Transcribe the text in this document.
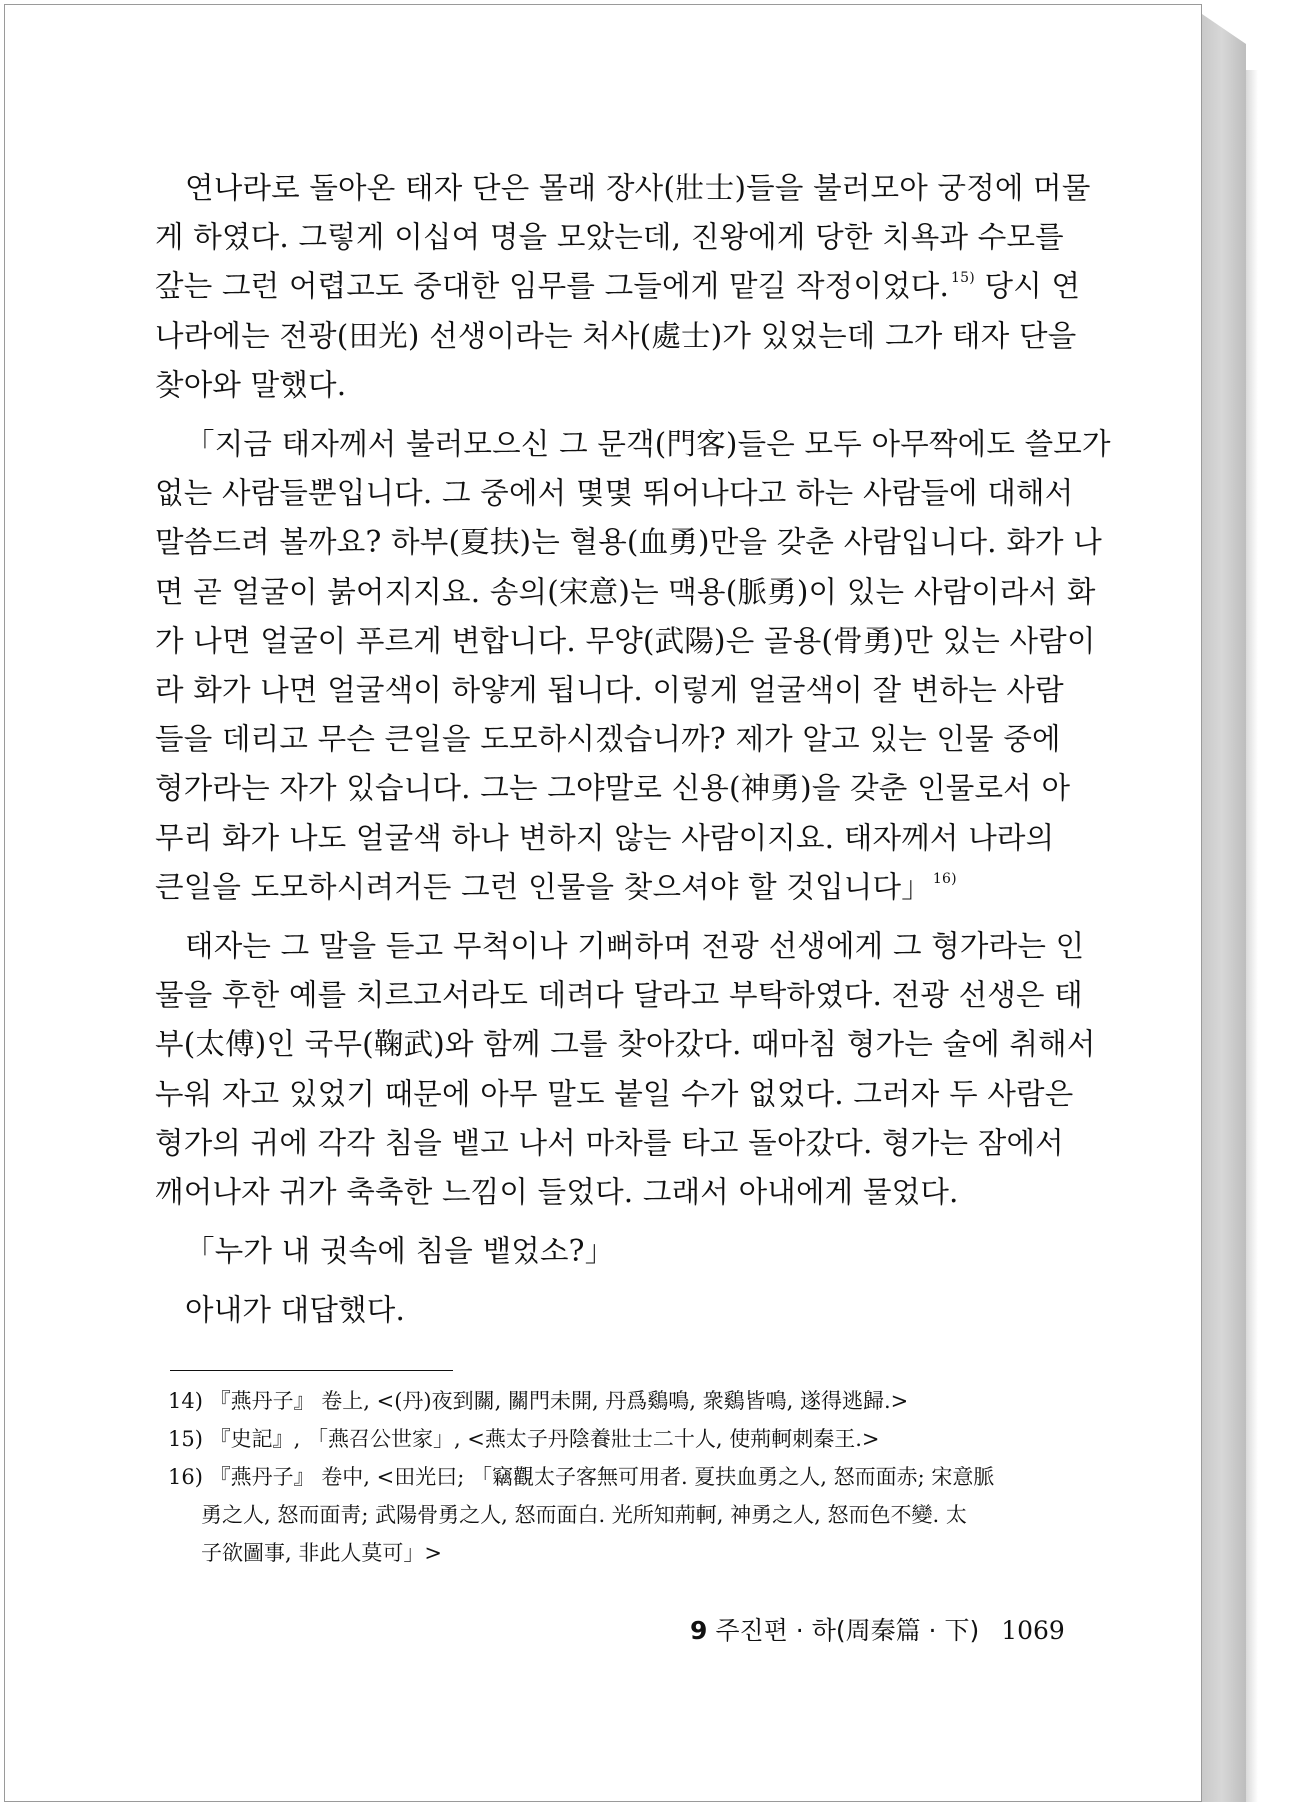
연나라로 돌아온 태자 단은 몰래 장사(壯士)들을 불러모아 궁정에 머물
게 하였다. 그렇게 이십여 명을 모았는데, 진왕에게 당한 치욕과 수모를
갚는 그런 어렵고도 중대한 임무를 그들에게 맡길 작정이었다. $^{15)}$ 당시 연
나라에는 전광(田光) 선생이라는 처사(處士)가 있었는데 그가 태자 단을
찾아와 말했다.
「지금 태자께서 불러모으신 그 문객(門客)들은 모두 아무짝에도 쓸모가
없는 사람들뿐입니다. 그 중에서 몇몇 뛰어나다고 하는 사람들에 대해서
말씀드려 볼까요? 하부(夏扶)는 혈용(血勇)만을 갖춘 사람입니다. 화가 나
면 곧 얼굴이 붉어지지요. 송의(宋意)는 맥용(脈勇)이 있는 사람이라서 화
가 나면 얼굴이 푸르게 변합니다. 무양(武陽)은 골용(骨勇)만 있는 사람이
라 화가 나면 얼굴색이 하얗게 됩니다. 이렇게 얼굴색이 잘 변하는 사람
들을 데리고 무슨 큰일을 도모하시겠습니까? 제가 알고 있는 인물 중에
형가라는 자가 있습니다. 그는 그야말로 신용(神勇)을 갖춘 인물로서 아
무리 화가 나도 얼굴색 하나 변하지 않는 사람이지요. 태자께서 나라의
큰일을 도모하시려거든 그런 인물을 찾으셔야 할 것입니다」 $^{16)}$
태자는 그 말을 듣고 무척이나 기뻐하며 전광 선생에게 그 형가라는 인
물을 후한 예를 치르고서라도 데려다 달라고 부탁하였다. 전광 선생은 태
부(太傅)인 국무(鞠武)와 함께 그를 찾아갔다. 때마침 형가는 술에 취해서
누워 자고 있었기 때문에 아무 말도 붙일 수가 없었다. 그러자 두 사람은
형가의 귀에 각각 침을 뱉고 나서 마차를 타고 돌아갔다. 형가는 잠에서
깨어나자 귀가 축축한 느낌이 들었다. 그래서 아내에게 물었다.
「누가 내 귓속에 침을 뱉었소?」
아내가 대답했다.
14) 『燕丹子』 卷上, <(丹)夜到關, 關門未開, 丹爲鷄鳴, 衆鷄皆鳴, 遂得逃歸.>
15) 『史記』, 「燕召公世家」, <燕太子丹陰養壯士二十人, 使荊軻刺秦王.>
16) 『燕丹子』 卷中, <田光曰; 「竊觀太子客無可用者. 夏扶血勇之人, 怒而面赤; 宋意脈
勇之人, 怒而面靑; 武陽骨勇之人, 怒而面白. 光所知荊軻, 神勇之人, 怒而色不變. 太
子欲圖事, 非此人莫可」>
9 주진편 · 하(周秦篇 · 下) 1069
